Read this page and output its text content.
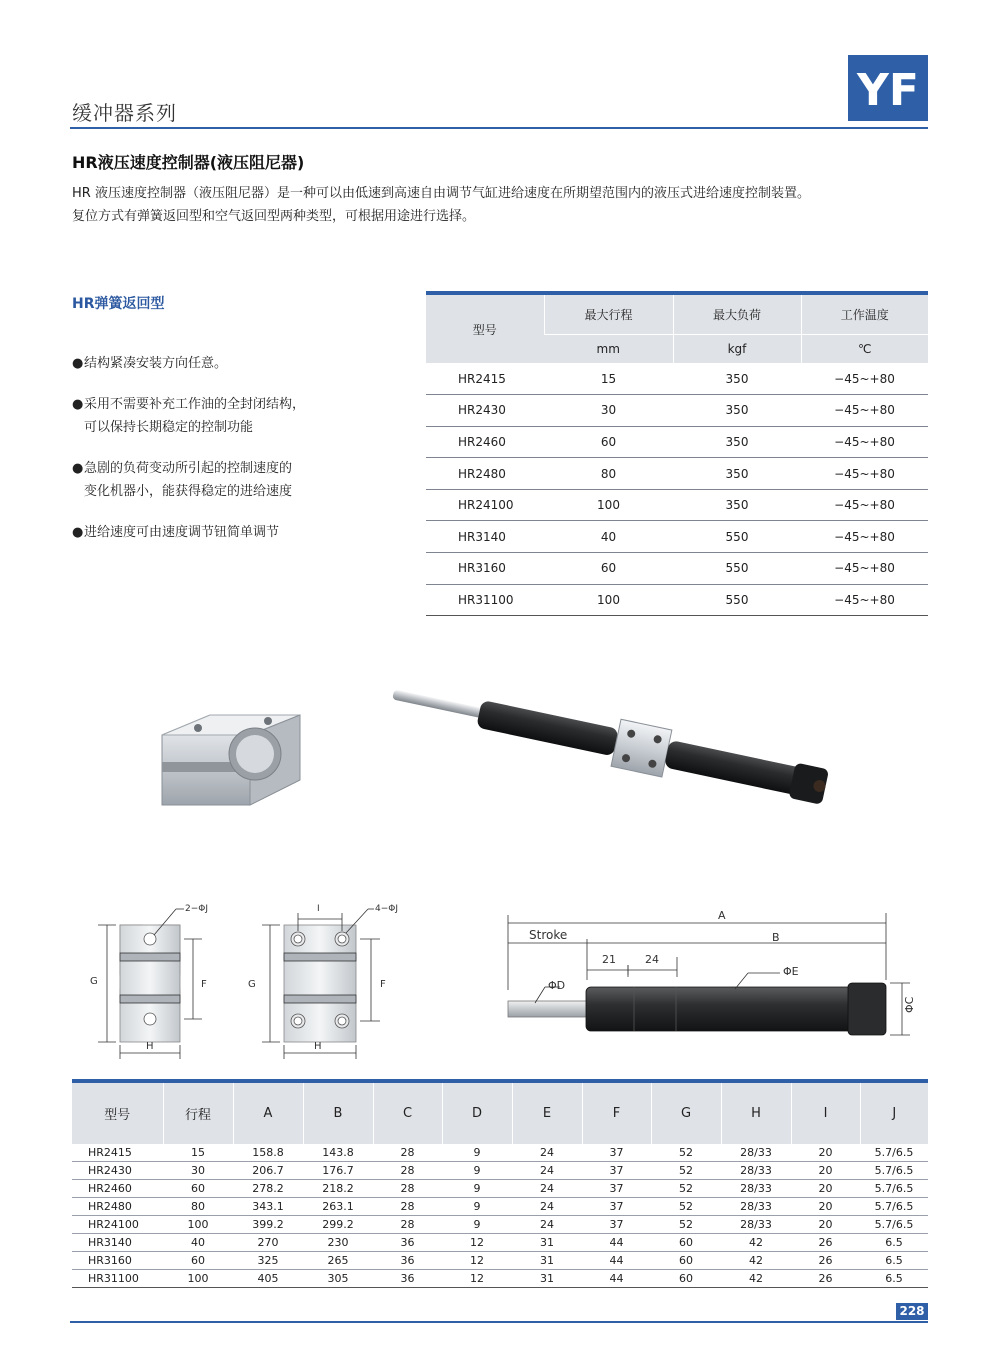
缓冲器系列	YF
HR液压速度控制器(液压阻尼器)
HR 液压速度控制器（液压阻尼器）是一种可以由低速到高速自由调节气缸进给速度在所期望范围内的液压式进给速度控制装置。
复位方式有弹簧返回型和空气返回型两种类型，可根据用途进行选择。
HR弹簧返回型
●结构紧凑安装方向任意。
●采用不需要补充工作油的全封闭结构，
可以保持长期稳定的控制功能
●急剧的负荷变动所引起的控制速度的
变化机器小，能获得稳定的进给速度
●进给速度可由速度调节钮简单调节
型号	最大行程	最大负荷	工作温度
	mm	kgf	℃
HR2415	15	350	−45~+80
HR2430	30	350	−45~+80
HR2460	60	350	−45~+80
HR2480	80	350	−45~+80
HR24100	100	350	−45~+80
HR3140	40	550	−45~+80
HR3160	60	550	−45~+80
HR31100	100	550	−45~+80
2−ΦJ
G	F
H
I	4−ΦJ
G	F
H
A
Stroke	B
21	24
ΦE
ΦD
ΦC
型号	行程	A	B	C	D	E	F	G	H	I	J
HR2415	15	158.8	143.8	28	9	24	37	52	28/33	20	5.7/6.5
HR2430	30	206.7	176.7	28	9	24	37	52	28/33	20	5.7/6.5
HR2460	60	278.2	218.2	28	9	24	37	52	28/33	20	5.7/6.5
HR2480	80	343.1	263.1	28	9	24	37	52	28/33	20	5.7/6.5
HR24100	100	399.2	299.2	28	9	24	37	52	28/33	20	5.7/6.5
HR3140	40	270	230	36	12	31	44	60	42	26	6.5
HR3160	60	325	265	36	12	31	44	60	42	26	6.5
HR31100	100	405	305	36	12	31	44	60	42	26	6.5
228
